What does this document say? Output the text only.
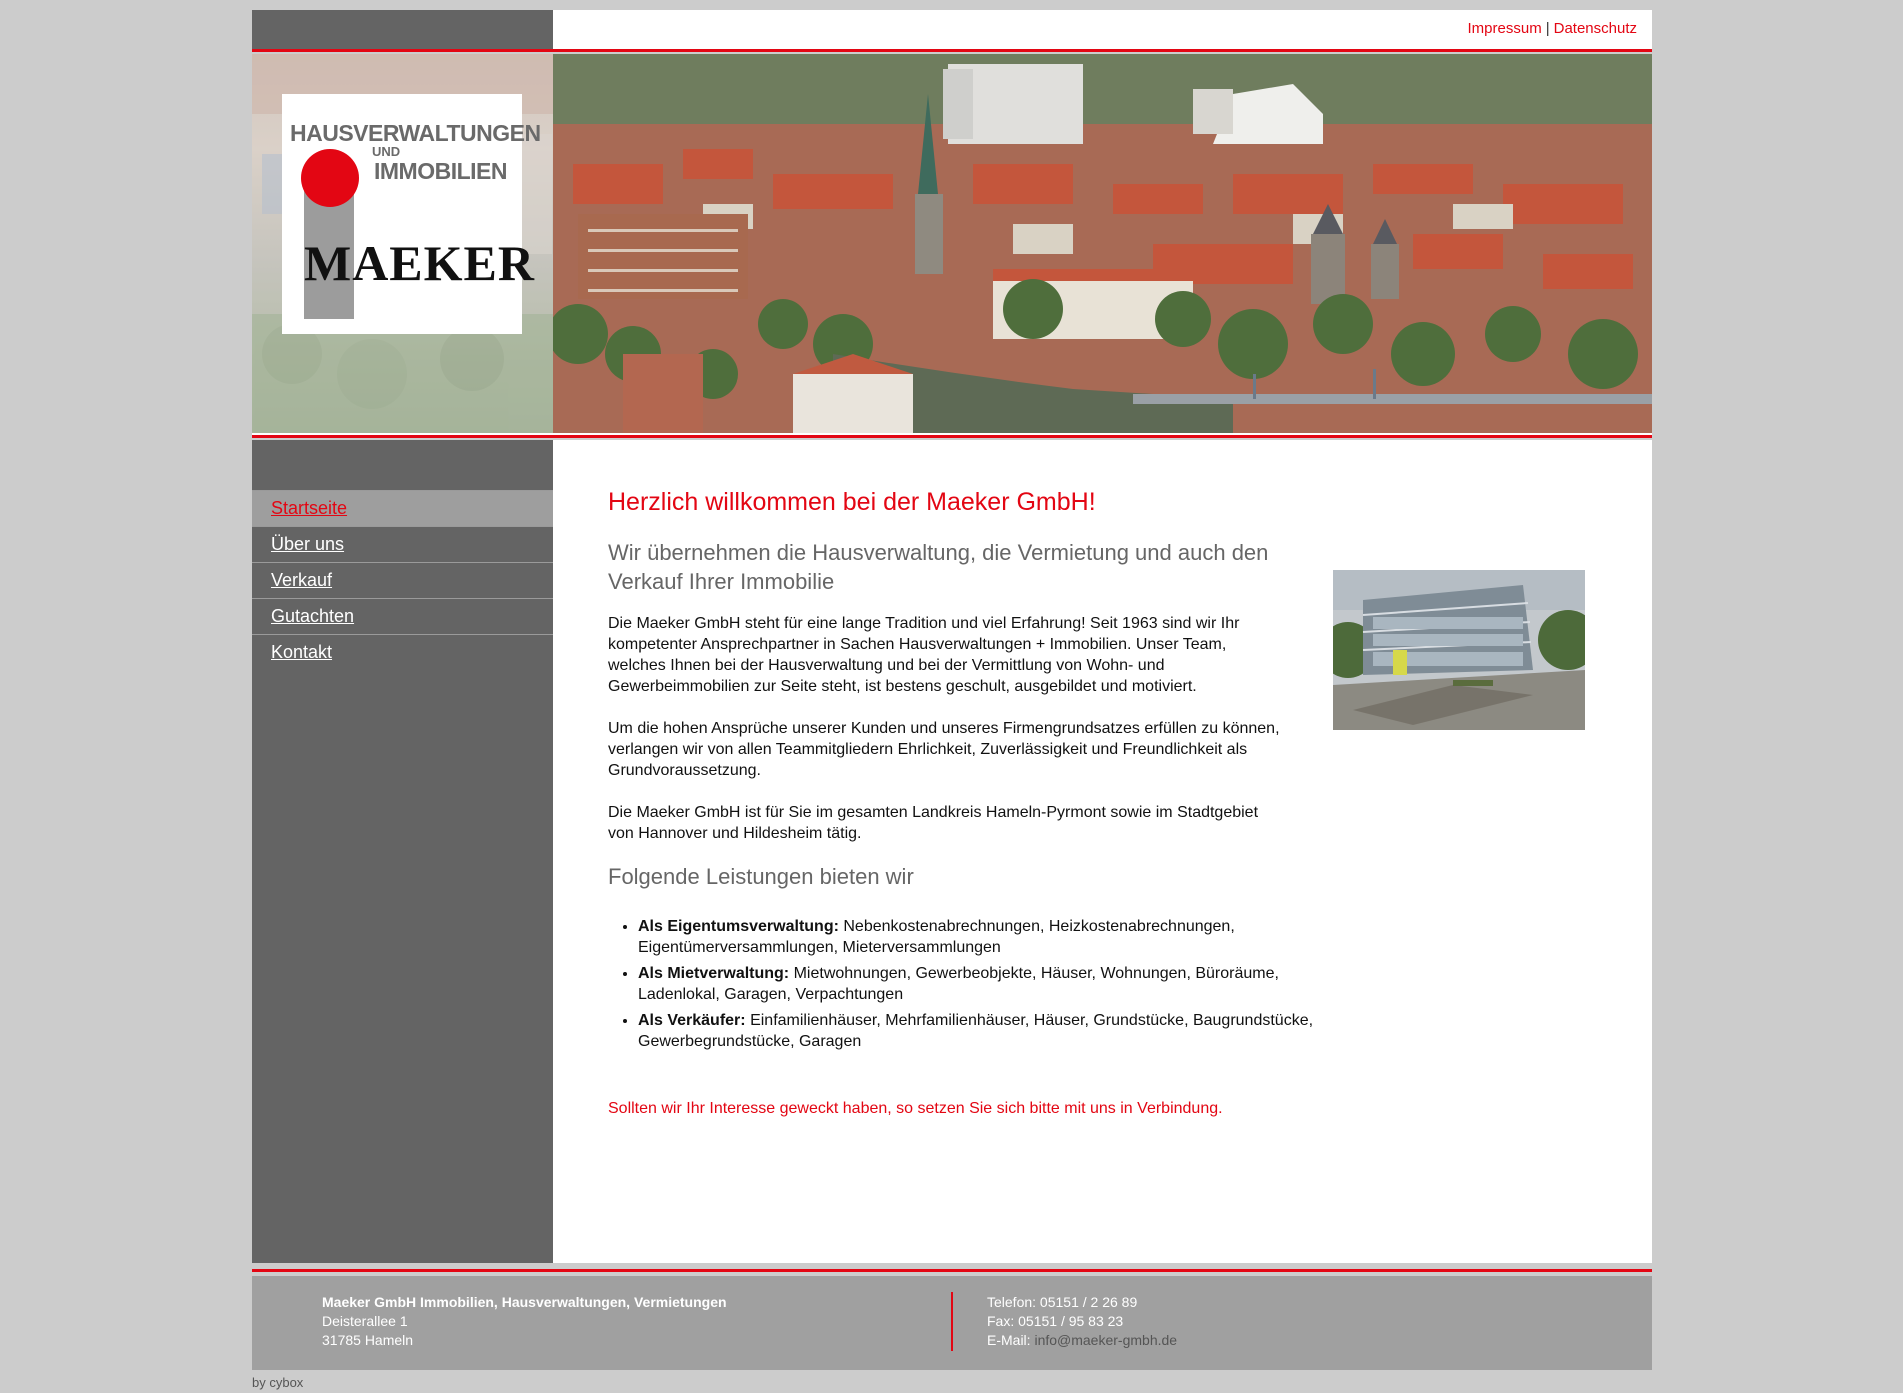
Impressum | Datenschutz
HAUSVERWALTUNGEN
UND
IMMOBILIEN
MAEKER
Startseite
Über uns
Verkauf
Gutachten
Kontakt
Herzlich willkommen bei der Maeker GmbH!
Wir übernehmen die Hausverwaltung, die Vermietung und auch den Verkauf Ihrer Immobilie

Die Maeker GmbH steht für eine lange Tradition und viel Erfahrung! Seit 1963 sind wir Ihr kompetenter Ansprechpartner in Sachen Hausverwaltungen + Immobilien. Unser Team, welches Ihnen bei der Hausverwaltung und bei der Vermittlung von Wohn- und Gewerbeimmobilien zur Seite steht, ist bestens geschult, ausgebildet und motiviert.

Um die hohen Ansprüche unserer Kunden und unseres Firmengrundsatzes erfüllen zu können, verlangen wir von allen Teammitgliedern Ehrlichkeit, Zuverlässigkeit und Freundlichkeit als Grundvoraussetzung.

Die Maeker GmbH ist für Sie im gesamten Landkreis Hameln-Pyrmont sowie im Stadtgebiet von Hannover und Hildesheim tätig.

Folgende Leistungen bieten wir
• Als Eigentumsverwaltung: Nebenkostenabrechnungen, Heizkostenabrechnungen, Eigentümerversammlungen, Mieterversammlungen
• Als Mietverwaltung: Mietwohnungen, Gewerbeobjekte, Häuser, Wohnungen, Büroräume, Ladenlokal, Garagen, Verpachtungen
• Als Verkäufer: Einfamilienhäuser, Mehrfamilienhäuser, Häuser, Grundstücke, Baugrundstücke, Gewerbegrundstücke, Garagen
Sollten wir Ihr Interesse geweckt haben, so setzen Sie sich bitte mit uns in Verbindung.
Maeker GmbH Immobilien, Hausverwaltungen, Vermietungen
Deisterallee 1
31785 Hameln
Telefon: 05151 / 2 26 89
Fax: 05151 / 95 83 23
E-Mail: info@maeker-gmbh.de
by cybox
